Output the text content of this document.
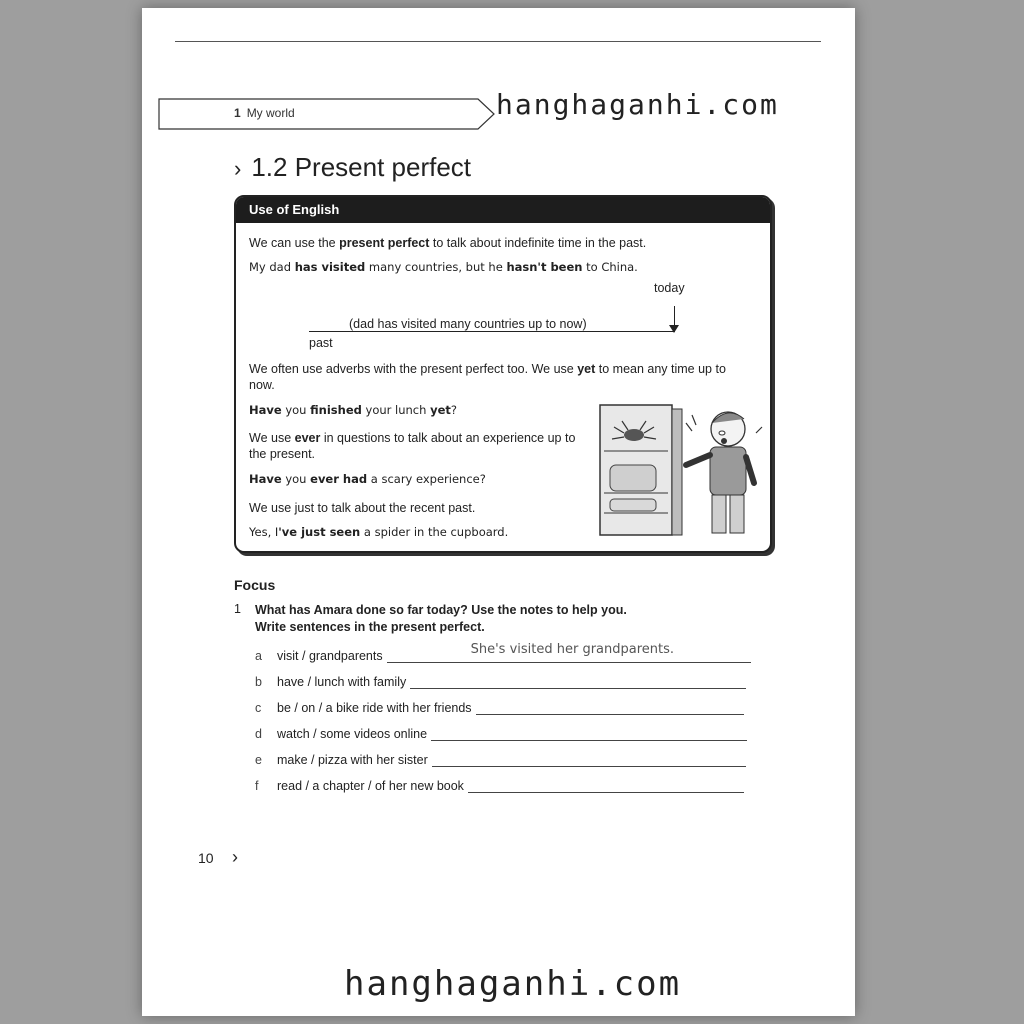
1 My world	hanghaganhi.com
› 1.2 Present perfect
Use of English
We can use the present perfect to talk about indefinite time in the past.
My dad has visited many countries, but he hasn't been to China.
today
(dad has visited many countries up to now)
past
We often use adverbs with the present perfect too. We use yet to mean any time up to now.
Have you finished your lunch yet?
We use ever in questions to talk about an experience up to the present.
Have you ever had a scary experience?
We use just to talk about the recent past.
Yes, I've just seen a spider in the cupboard.
Focus
1 What has Amara done so far today? Use the notes to help you.
Write sentences in the present perfect.
a	visit / grandparents	She's visited her grandparents.
b	have / lunch with family
c	be / on / a bike ride with her friends
d	watch / some videos online
e	make / pizza with her sister
f	read / a chapter / of her new book
10 ›
hanghaganhi.com
